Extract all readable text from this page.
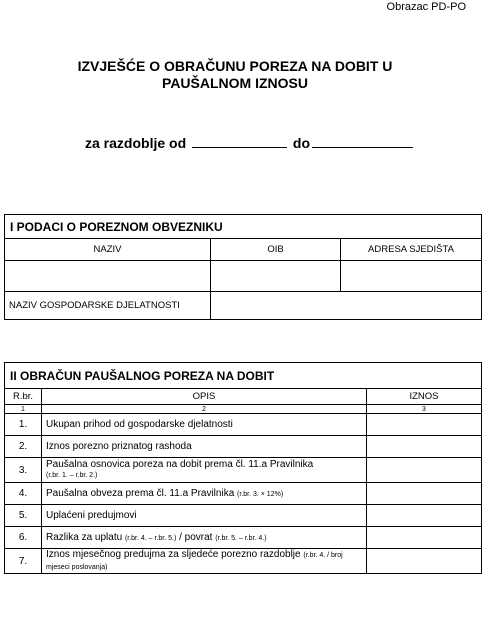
Obrazac PD-PO
IZVJEŠĆE O OBRAČUNU POREZA NA DOBIT U
PAUŠALNOM IZNOSU
za razdoblje od	do
I PODACI O POREZNOM OBVEZNIKU		
NAZIV	OIB	ADRESA SJEDIŠTA

NAZIV GOSPODARSKE DJELATNOSTI		
II OBRAČUN PAUŠALNOG POREZA NA DOBIT		
R.br.	OPIS	IZNOS
1	2	3
1.	Ukupan prihod od gospodarske djelatnosti	
2.	Iznos porezno priznatog rashoda	
3.	Paušalna osnovica poreza na dobit prema čl. 11.a Pravilnika
(r.br. 1. – r.br. 2.)	

4.	Paušalna obveza prema čl. 11.a Pravilnika (r.br. 3. × 12%)	
5.	Uplaćeni predujmovi	
6.	Razlika za uplatu (r.br. 4. – r.br. 5.) / povrat (r.br. 5. – r.br. 4.)	
7.	Iznos mjesečnog predujma za sljedeće porezno razdoblje (r.br. 4. / broj mjeseci poslovanja)	
